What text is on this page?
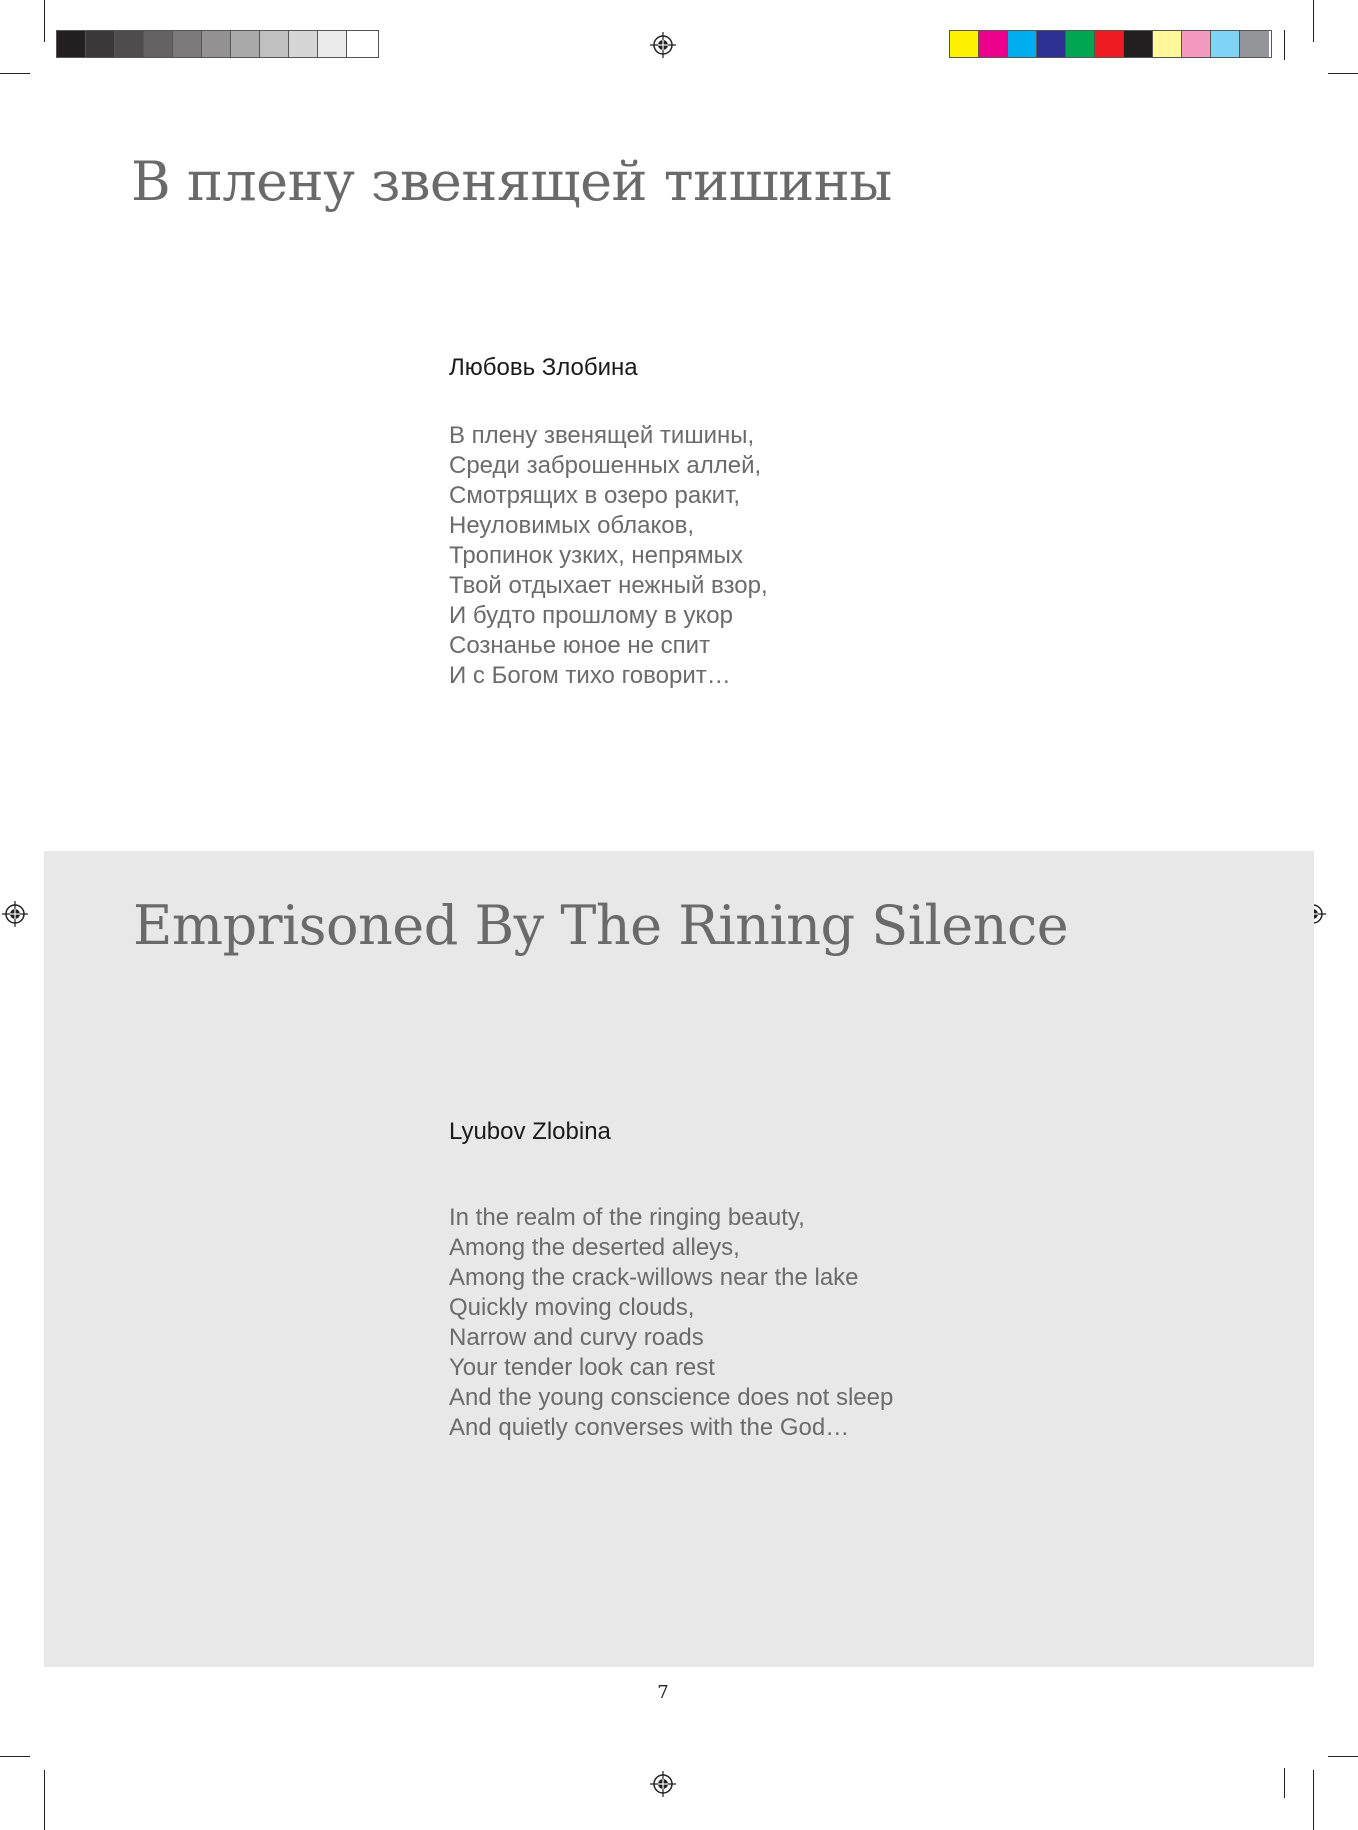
В плену звенящей тишины
Любовь Злобина
В плену звенящей тишины,
Среди заброшенных аллей,
Смотрящих в озеро ракит,
Неуловимых облаков,
Тропинок узких, непрямых
Твой отдыхает нежный взор,
И будто прошлому в укор
Сознанье юное не спит
И с Богом тихо говорит…
Emprisoned By The Rining Silence
Lyubov Zlobina
In the realm of the ringing beauty,
Among the deserted alleys,
Among the crack-willows near the lake
Quickly moving clouds,
Narrow and curvy roads
Your tender look can rest
And the young conscience does not sleep
And quietly converses with the God…
7
